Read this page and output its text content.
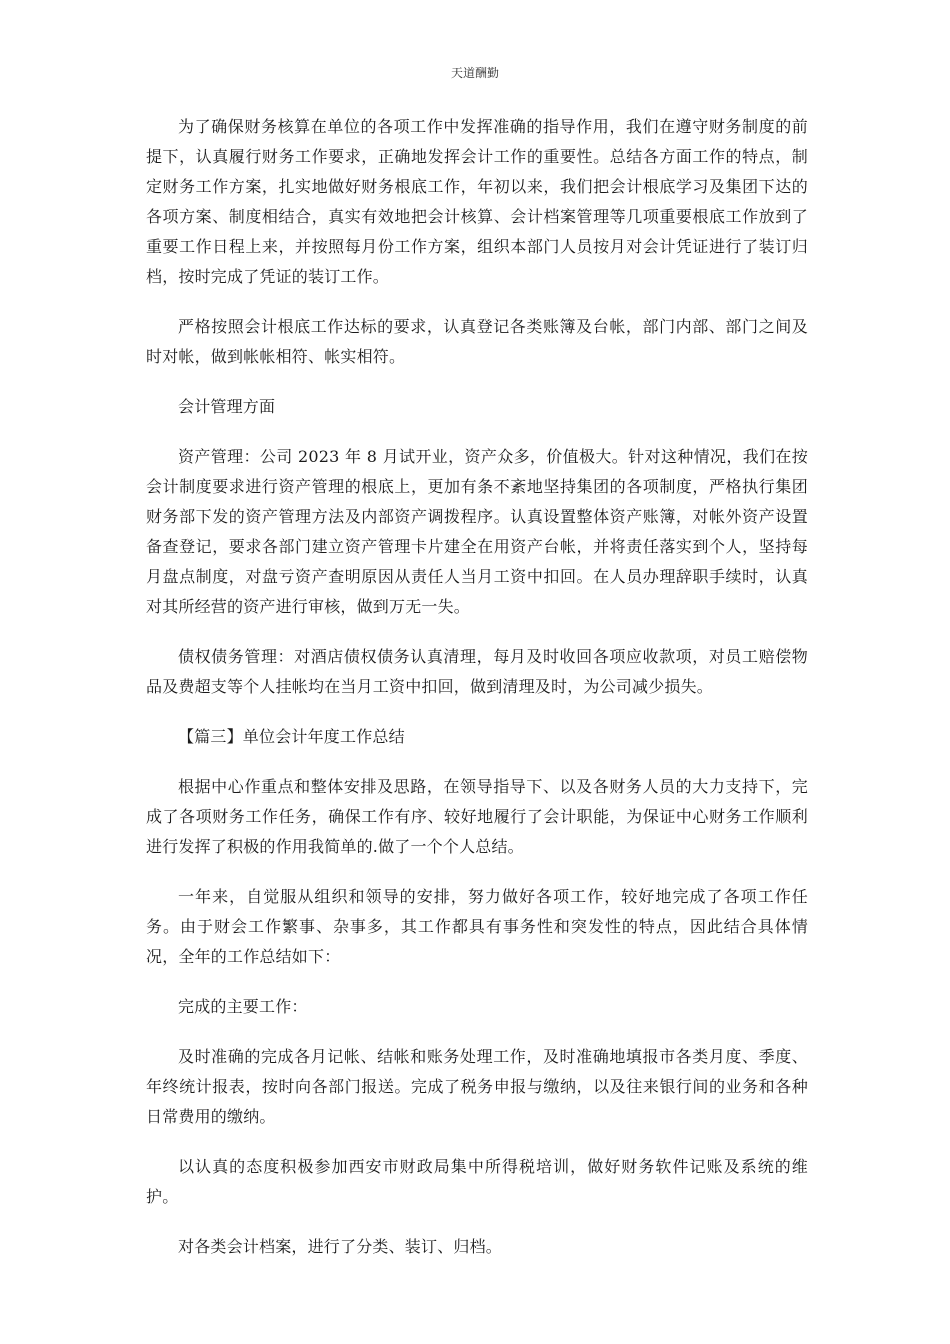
天道酬勤

为了确保财务核算在单位的各项工作中发挥准确的指导作用，我们在遵守财务制度的前提下，认真履行财务工作要求，正确地发挥会计工作的重要性。总结各方面工作的特点，制定财务工作方案，扎实地做好财务根底工作，年初以来，我们把会计根底学习及集团下达的各项方案、制度相结合，真实有效地把会计核算、会计档案管理等几项重要根底工作放到了重要工作日程上来，并按照每月份工作方案，组织本部门人员按月对会计凭证进行了装订归档，按时完成了凭证的装订工作。

严格按照会计根底工作达标的要求，认真登记各类账簿及台帐，部门内部、部门之间及时对帐，做到帐帐相符、帐实相符。

会计管理方面

资产管理：公司 2023 年 8 月试开业，资产众多，价值极大。针对这种情况，我们在按会计制度要求进行资产管理的根底上，更加有条不紊地坚持集团的各项制度，严格执行集团财务部下发的资产管理方法及内部资产调拨程序。认真设置整体资产账簿，对帐外资产设置备查登记，要求各部门建立资产管理卡片建全在用资产台帐，并将责任落实到个人，坚持每月盘点制度，对盘亏资产查明原因从责任人当月工资中扣回。在人员办理辞职手续时，认真对其所经营的资产进行审核，做到万无一失。

债权债务管理：对酒店债权债务认真清理，每月及时收回各项应收款项，对员工赔偿物品及费超支等个人挂帐均在当月工资中扣回，做到清理及时，为公司减少损失。

【篇三】单位会计年度工作总结

根据中心作重点和整体安排及思路，在领导指导下、以及各财务人员的大力支持下，完成了各项财务工作任务，确保工作有序、较好地履行了会计职能，为保证中心财务工作顺利进行发挥了积极的作用我简单的.做了一个个人总结。

一年来，自觉服从组织和领导的安排，努力做好各项工作，较好地完成了各项工作任务。由于财会工作繁事、杂事多，其工作都具有事务性和突发性的特点，因此结合具体情况，全年的工作总结如下：

完成的主要工作：

及时准确的完成各月记帐、结帐和账务处理工作，及时准确地填报市各类月度、季度、年终统计报表，按时向各部门报送。完成了税务申报与缴纳，以及往来银行间的业务和各种日常费用的缴纳。

以认真的态度积极参加西安市财政局集中所得税培训，做好财务软件记账及系统的维护。

对各类会计档案，进行了分类、装订、归档。
